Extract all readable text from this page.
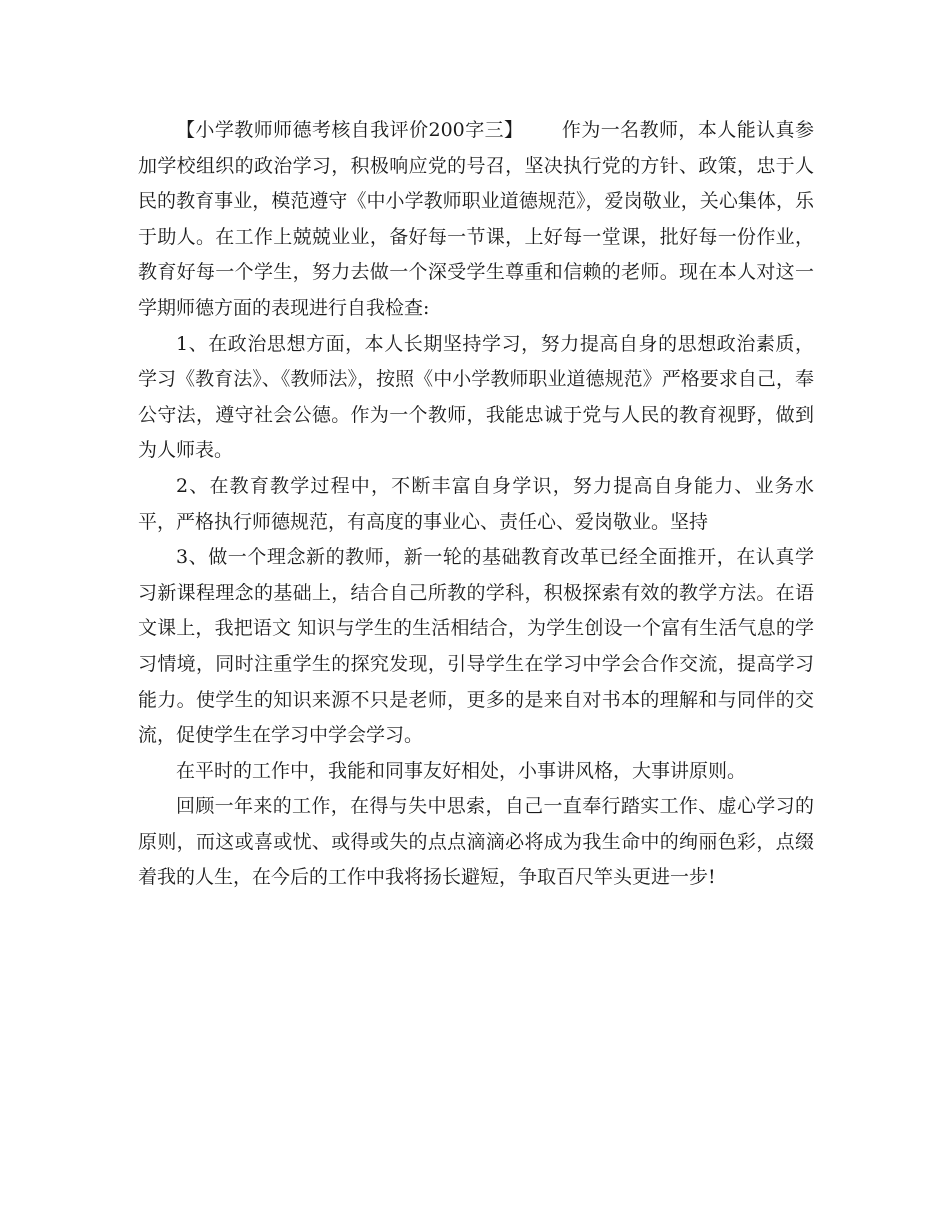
【小学教师师德考核自我评价200字三】 作为一名教师，本人能认真参加学校组织的政治学习，积极响应党的号召，坚决执行党的方针、政策，忠于人民的教育事业，模范遵守《中小学教师职业道德规范》，爱岗敬业，关心集体，乐于助人。在工作上兢兢业业，备好每一节课，上好每一堂课，批好每一份作业，教育好每一个学生，努力去做一个深受学生尊重和信赖的老师。现在本人对这一学期师德方面的表现进行自我检查:

1、在政治思想方面，本人长期坚持学习，努力提高自身的思想政治素质，学习《教育法》、《教师法》，按照《中小学教师职业道德规范》严格要求自己，奉公守法，遵守社会公德。作为一个教师，我能忠诚于党与人民的教育视野，做到为人师表。

2、在教育教学过程中，不断丰富自身学识，努力提高自身能力、业务水平，严格执行师德规范，有高度的事业心、责任心、爱岗敬业。坚持

3、做一个理念新的教师，新一轮的基础教育改革已经全面推开，在认真学习新课程理念的基础上，结合自己所教的学科，积极探索有效的教学方法。在语文课上，我把语文 知识与学生的生活相结合，为学生创设一个富有生活气息的学习情境，同时注重学生的探究发现，引导学生在学习中学会合作交流，提高学习能力。使学生的知识来源不只是老师，更多的是来自对书本的理解和与同伴的交流，促使学生在学习中学会学习。

在平时的工作中，我能和同事友好相处，小事讲风格，大事讲原则。

回顾一年来的工作，在得与失中思索，自己一直奉行踏实工作、虚心学习的原则，而这或喜或忧、或得或失的点点滴滴必将成为我生命中的绚丽色彩，点缀着我的人生，在今后的工作中我将扬长避短，争取百尺竿头更进一步!
